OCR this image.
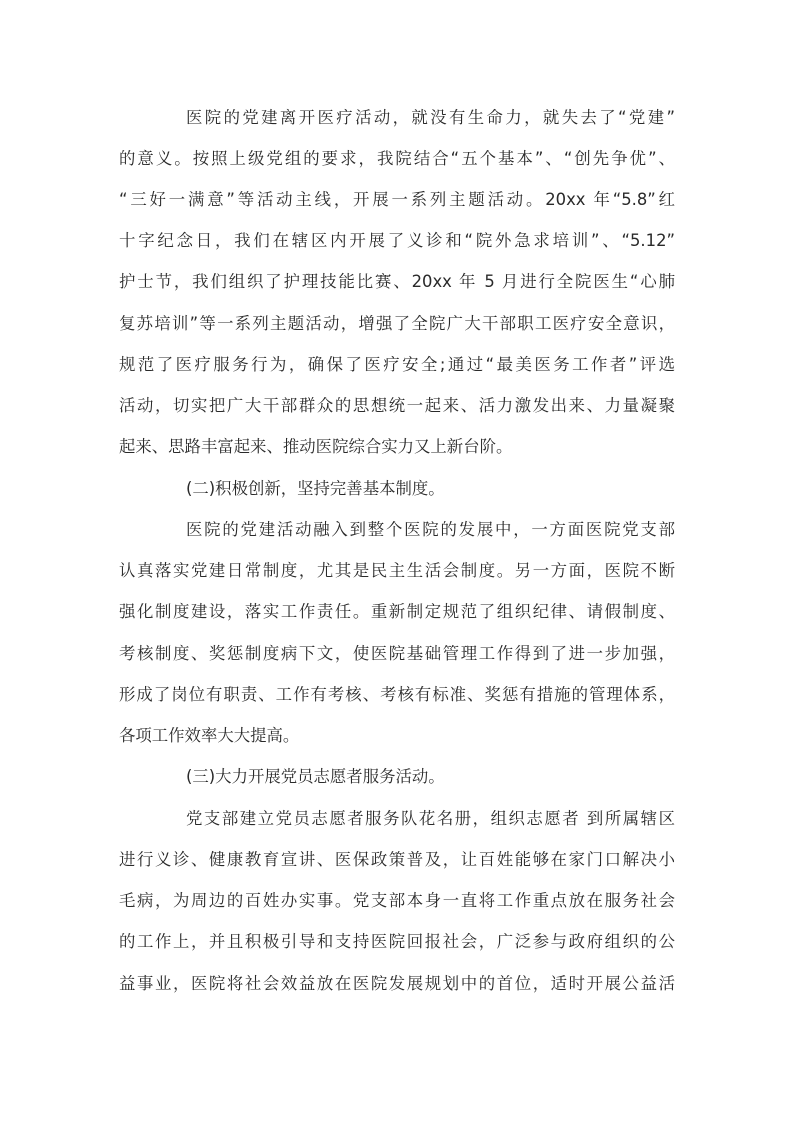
医院的党建离开医疗活动，就没有生命力，就失去了“党建”
的意义。按照上级党组的要求，我院结合“五个基本”、“创先争优”、
“三好一满意”等活动主线，开展一系列主题活动。20xx 年“5.8”红
十字纪念日，我们在辖区内开展了义诊和“院外急求培训”、“5.12”
护士节，我们组织了护理技能比赛、20xx 年 5 月进行全院医生“心肺
复苏培训”等一系列主题活动，增强了全院广大干部职工医疗安全意识，
规范了医疗服务行为，确保了医疗安全;通过“最美医务工作者”评选
活动，切实把广大干部群众的思想统一起来、活力激发出来、力量凝聚
起来、思路丰富起来、推动医院综合实力又上新台阶。
(二)积极创新，坚持完善基本制度。
医院的党建活动融入到整个医院的发展中，一方面医院党支部
认真落实党建日常制度，尤其是民主生活会制度。另一方面，医院不断
强化制度建设，落实工作责任。重新制定规范了组织纪律、请假制度、
考核制度、奖惩制度病下文，使医院基础管理工作得到了进一步加强，
形成了岗位有职责、工作有考核、考核有标准、奖惩有措施的管理体系，
各项工作效率大大提高。
(三)大力开展党员志愿者服务活动。
党支部建立党员志愿者服务队花名册，组织志愿者 到所属辖区
进行义诊、健康教育宣讲、医保政策普及，让百姓能够在家门口解决小
毛病，为周边的百姓办实事。党支部本身一直将工作重点放在服务社会
的工作上，并且积极引导和支持医院回报社会，广泛参与政府组织的公
益事业，医院将社会效益放在医院发展规划中的首位，适时开展公益活
